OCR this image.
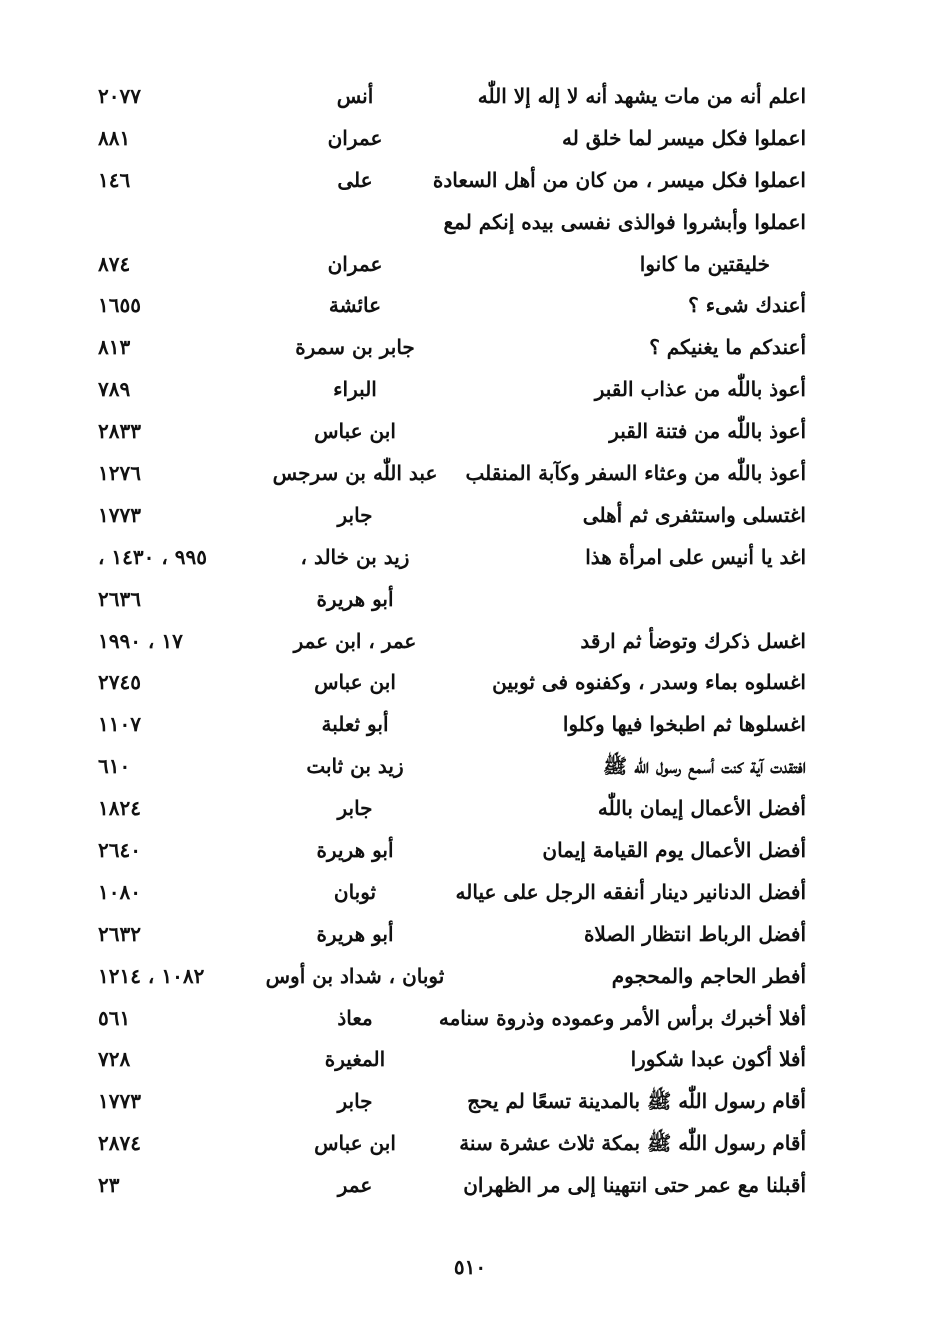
اعلم أنه من مات يشهد أنه لا إله إلا اللّٰه
أنس
٢٠٧٧
اعملوا فكل ميسر لما خلق له
عمران
٨٨١
اعملوا فكل ميسر ، من كان من أهل السعادة
على
١٤٦
اعملوا وأبشروا فوالذى نفسى بيده إنكم لمع
خليقتين ما كانوا
عمران
٨٧٤
أعندك شىء ؟
عائشة
١٦٥٥
أعندكم ما يغنيكم ؟
جابر بن سمرة
٨١٣
أعوذ باللّٰه من عذاب القبر
البراء
٧٨٩
أعوذ باللّٰه من فتنة القبر
ابن عباس
٢٨٣٣
أعوذ باللّٰه من وعثاء السفر وكآبة المنقلب
عبد اللّٰه بن سرجس
١٢٧٦
اغتسلى واستثفرى ثم أهلى
جابر
١٧٧٣
اغد يا أنيس على امرأة هذا
زيد بن خالد ،
٩٩٥ ، ١٤٣٠ ،
أبو هريرة
٢٦٣٦
اغسل ذكرك وتوضأ ثم ارقد
عمر ، ابن عمر
١٧ ، ١٩٩٠
اغسلوه بماء وسدر ، وكفنوه فى ثوبين
ابن عباس
٢٧٤٥
اغسلوها ثم اطبخوا فيها وكلوا
أبو ثعلبة
١١٠٧
افتقدت آية كنت أسمع رسول اللّٰه ﷺ
زيد بن ثابت
٦١٠
أفضل الأعمال إيمان باللّٰه
جابر
١٨٢٤
أفضل الأعمال يوم القيامة إيمان
أبو هريرة
٢٦٤٠
أفضل الدنانير دينار أنفقه الرجل على عياله
ثوبان
١٠٨٠
أفضل الرباط انتظار الصلاة
أبو هريرة
٢٦٣٢
أفطر الحاجم والمحجوم
ثوبان ، شداد بن أوس
١٠٨٢ ، ١٢١٤
أفلا أخبرك برأس الأمر وعموده وذروة سنامه
معاذ
٥٦١
أفلا أكون عبدا شكورا
المغيرة
٧٢٨
أقام رسول اللّٰه ﷺ بالمدينة تسعًا لم يحج
جابر
١٧٧٣
أقام رسول اللّٰه ﷺ بمكة ثلاث عشرة سنة
ابن عباس
٢٨٧٤
أقبلنا مع عمر حتى انتهينا إلى مر الظهران
عمر
٢٣
٥١٠
